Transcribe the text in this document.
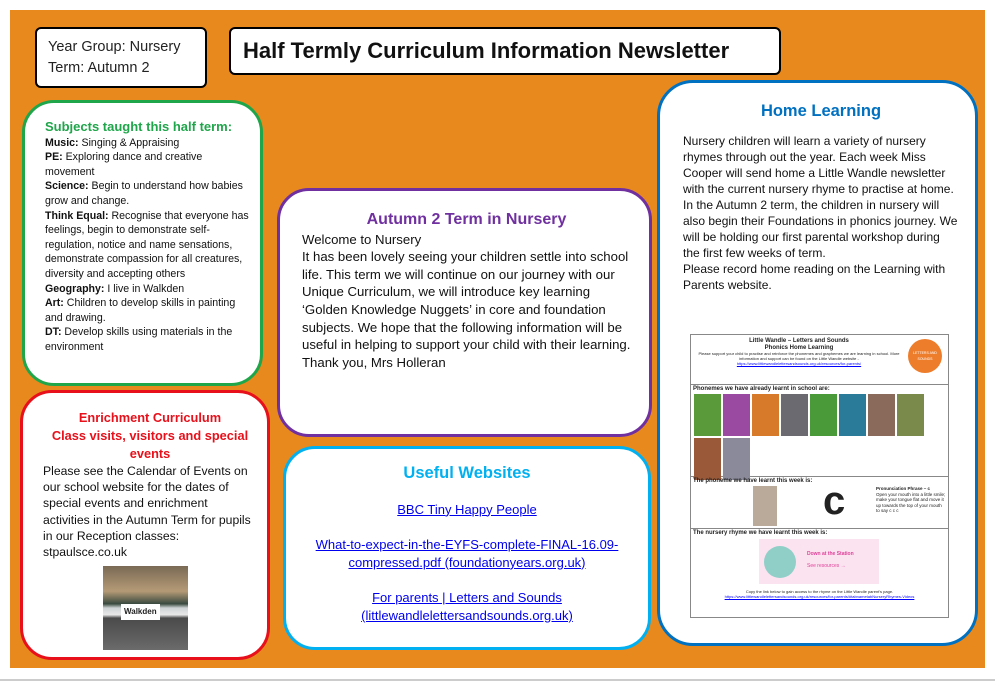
Year Group: Nursery
Term: Autumn 2
Half Termly Curriculum Information Newsletter
Subjects taught this half term:
Music: Singing & Appraising
PE: Exploring dance and creative movement
Science: Begin to understand how babies grow and change.
Think Equal: Recognise that everyone has feelings, begin to demonstrate self-regulation, notice and name sensations, demonstrate compassion for all creatures, diversity and accepting others
Geography: I live in Walkden
Art: Children to develop skills in painting and drawing.
DT: Develop skills using materials in the environment
Enrichment Curriculum
Class visits, visitors and special events

Please see the Calendar of Events on our school website for the dates of special events and enrichment activities in the Autumn Term for pupils in our Reception classes: stpaulsce.co.uk

Walkden
Autumn 2 Term in Nursery

Welcome to Nursery

It has been lovely seeing your children settle into school life. This term we will continue on our journey with our Unique Curriculum, we will introduce key learning ‘Golden Knowledge Nuggets’ in core and foundation subjects. We hope that the following information will be useful in helping to support your child with their learning.

Thank you, Mrs Holleran

Useful Websites
BBC Tiny Happy People
What-to-expect-in-the-EYFS-complete-FINAL-16.09-compressed.pdf (foundationyears.org.uk)
For parents | Letters and Sounds (littlewandlelettersandsounds.org.uk)
Home Learning

Nursery children will learn a variety of nursery rhymes through out the year. Each week Miss Cooper will send home a Little Wandle newsletter with the current nursery rhyme to practise at home.

In the Autumn 2 term, the children in nursery will also begin their Foundations in phonics journey. We will be holding our first parental workshop during the first few weeks of term.

Please record home reading on the Learning with Parents website.

Little Wandle – Letters and Sounds
Phonics Home Learning
Please support your child to practise and reinforce the phonemes and graphemes we are learning in school. More information and support can be found on the Little Wandle website -
https://www.littlewandlelettersandsounds.org.uk/resources/for-parents/
LETTERS AND SOUNDS
Phonemes we have already learnt in school are:
The phoneme we have learnt this week is: c	Pronunciation Phrase – c
Open your mouth into a little smile; make your tongue flat and move it up towards the top of your mouth to say c c c
The nursery rhyme we have learnt this week is:
Down at the Station
See resources →
Copy the link below to gain access to the rhyme on the Little Wandle parent's page.
https://www.littlewandlelettersandsounds.org.uk/resources/for-parents/#tabnametabNurseryRhymes-Videos
